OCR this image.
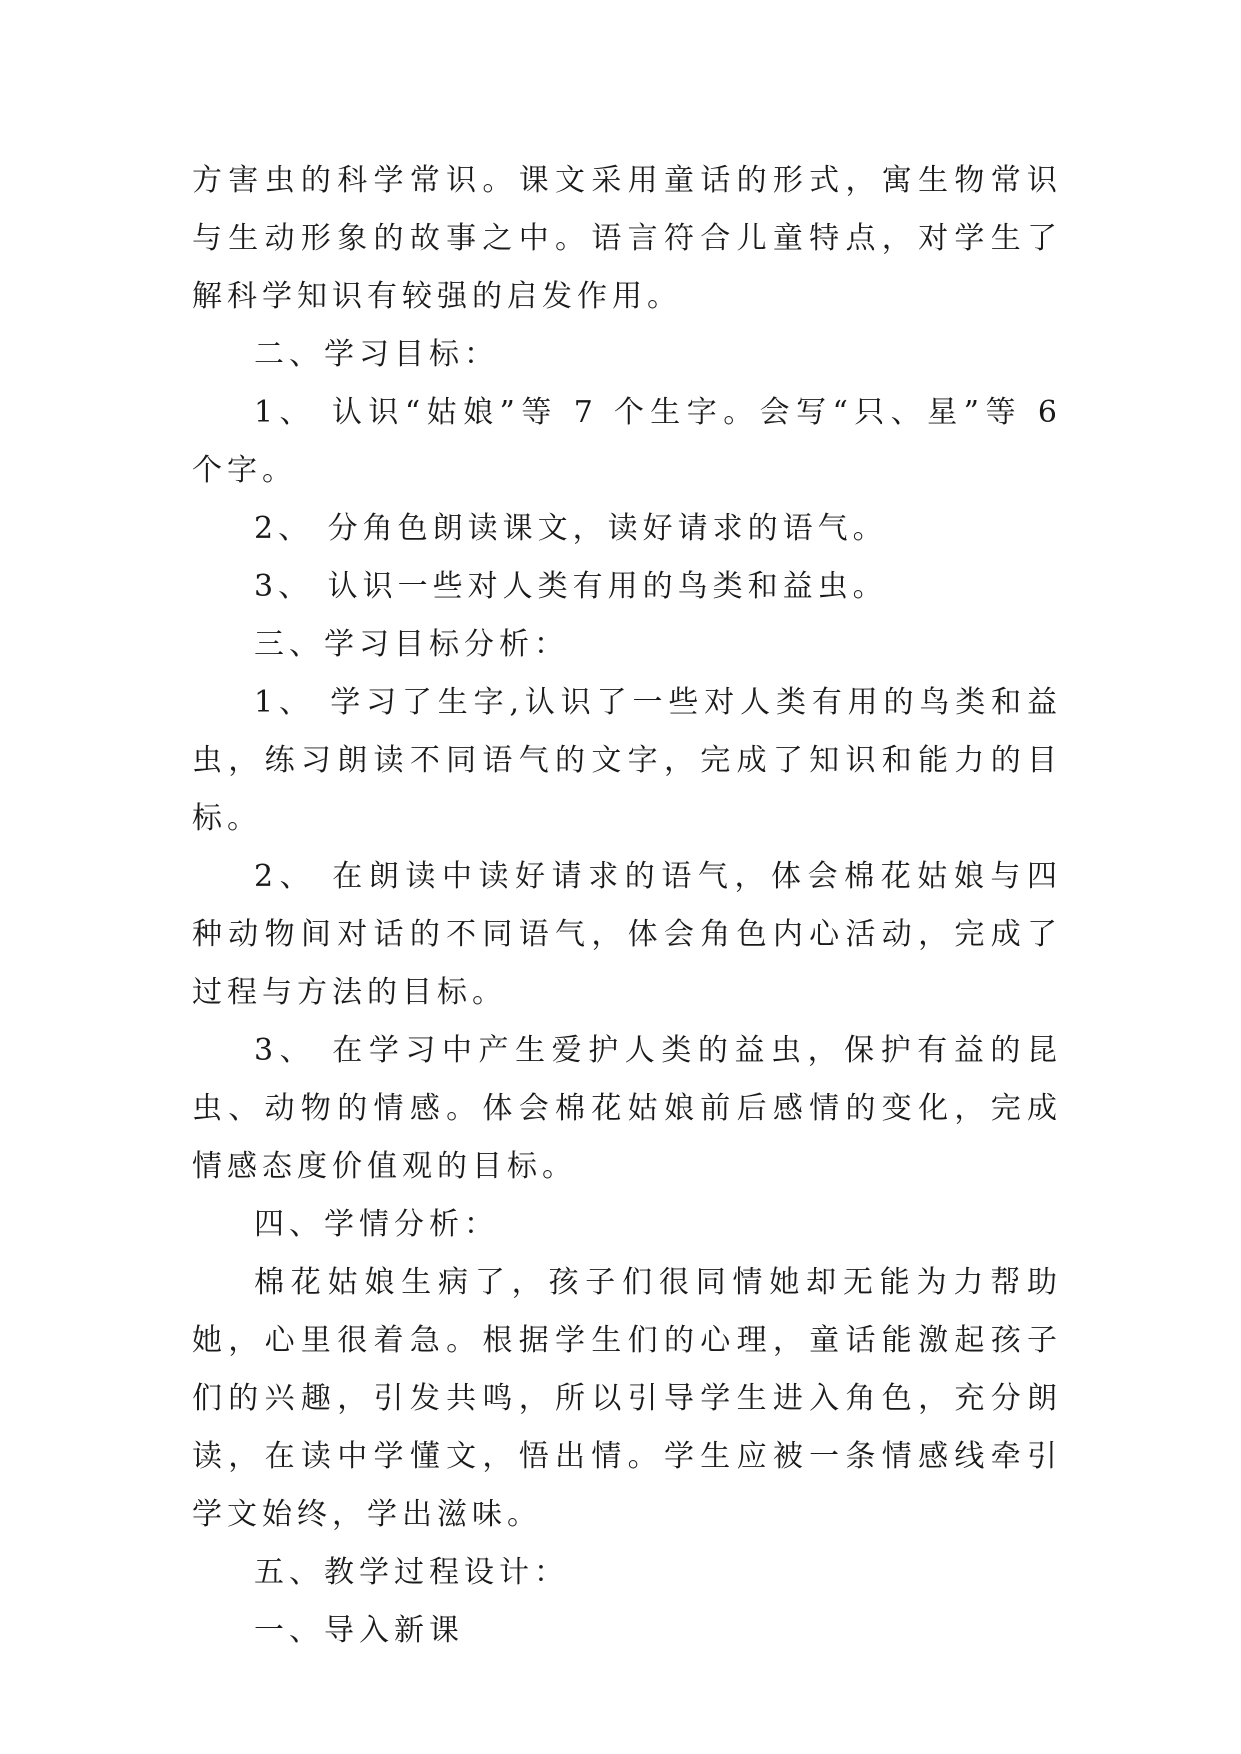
方害虫的科学常识。课文采用童话的形式，寓生物常识与生动形象的故事之中。语言符合儿童特点，对学生了解科学知识有较强的启发作用。

二、学习目标：

1、 认识“姑娘”等 7 个生字。会写“只、星”等 6 个字。

2、 分角色朗读课文，读好请求的语气。

3、 认识一些对人类有用的鸟类和益虫。

三、学习目标分析：

1、 学习了生字,认识了一些对人类有用的鸟类和益虫，练习朗读不同语气的文字，完成了知识和能力的目标。

2、 在朗读中读好请求的语气，体会棉花姑娘与四种动物间对话的不同语气，体会角色内心活动，完成了过程与方法的目标。

3、 在学习中产生爱护人类的益虫，保护有益的昆虫、动物的情感。体会棉花姑娘前后感情的变化，完成情感态度价值观的目标。

四、学情分析：

棉花姑娘生病了，孩子们很同情她却无能为力帮助她，心里很着急。根据学生们的心理，童话能激起孩子们的兴趣，引发共鸣，所以引导学生进入角色，充分朗读，在读中学懂文，悟出情。学生应被一条情感线牵引学文始终，学出滋味。

五、教学过程设计：

一、导入新课
